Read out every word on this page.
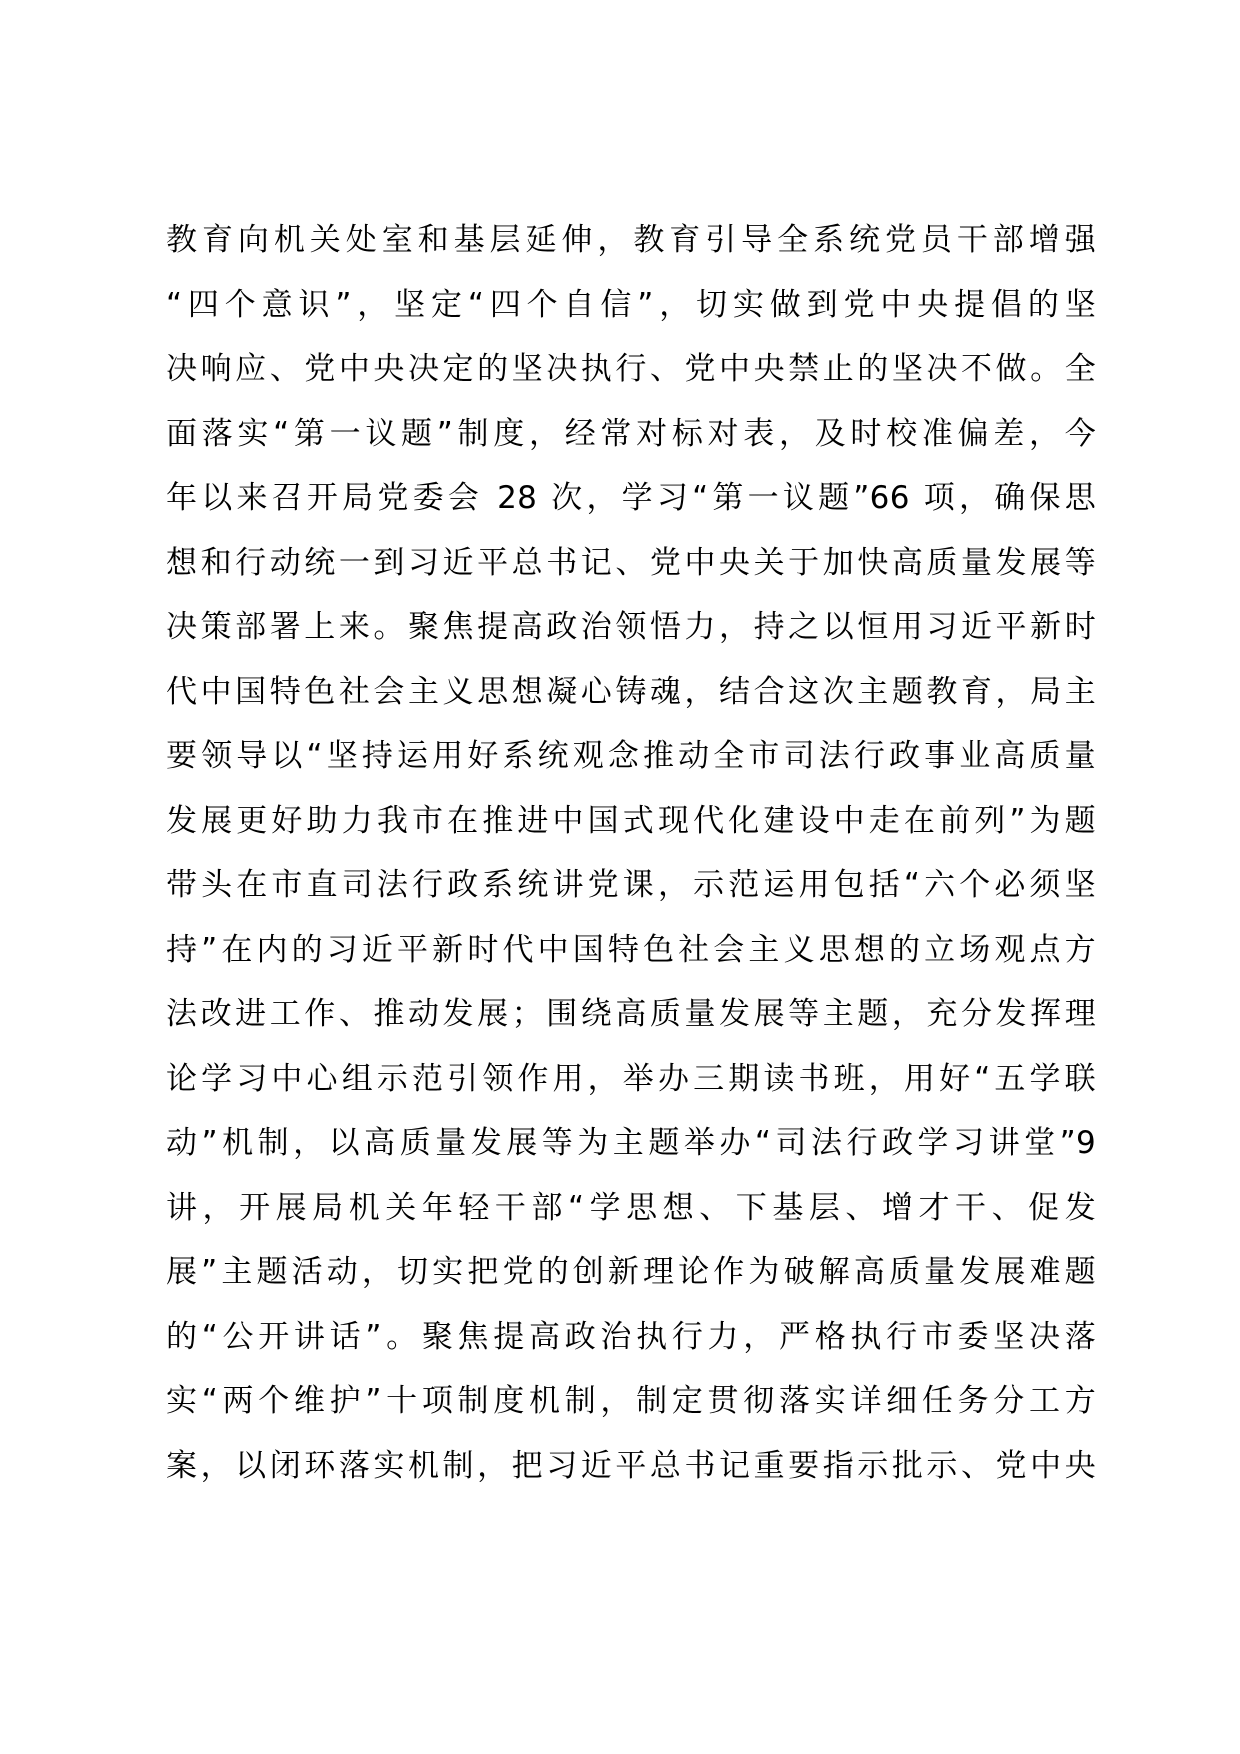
教育向机关处室和基层延伸，教育引导全系统党员干部增强
“四个意识”，坚定“四个自信”，切实做到党中央提倡的坚
决响应、党中央决定的坚决执行、党中央禁止的坚决不做。全
面落实“第一议题”制度，经常对标对表，及时校准偏差，今
年以来召开局党委会 28 次，学习“第一议题”66 项，确保思
想和行动统一到习近平总书记、党中央关于加快高质量发展等
决策部署上来。聚焦提高政治领悟力，持之以恒用习近平新时
代中国特色社会主义思想凝心铸魂，结合这次主题教育，局主
要领导以“坚持运用好系统观念推动全市司法行政事业高质量
发展更好助力我市在推进中国式现代化建设中走在前列”为题
带头在市直司法行政系统讲党课，示范运用包括“六个必须坚
持”在内的习近平新时代中国特色社会主义思想的立场观点方
法改进工作、推动发展；围绕高质量发展等主题，充分发挥理
论学习中心组示范引领作用，举办三期读书班，用好“五学联
动”机制，以高质量发展等为主题举办“司法行政学习讲堂”9
讲，开展局机关年轻干部“学思想、下基层、增才干、促发
展”主题活动，切实把党的创新理论作为破解高质量发展难题
的“公开讲话”。聚焦提高政治执行力，严格执行市委坚决落
实“两个维护”十项制度机制，制定贯彻落实详细任务分工方
案，以闭环落实机制，把习近平总书记重要指示批示、党中央
